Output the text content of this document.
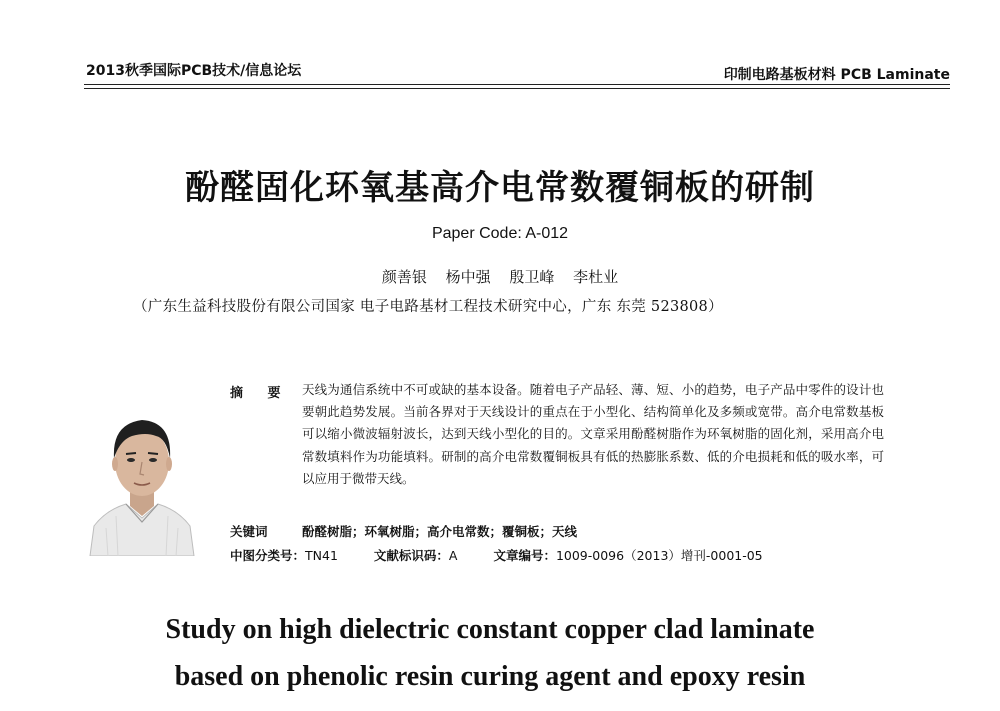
2013秋季国际PCB技术/信息论坛	印制电路基板材料 PCB Laminate
酚醛固化环氧基高介电常数覆铜板的研制
Paper Code: A-012
颜善银 杨中强 殷卫峰 李杜业
（广东生益科技股份有限公司国家 电子电路基材工程技术研究中心，广东 东莞 523808）
摘 要 天线为通信系统中不可或缺的基本设备。随着电子产品轻、薄、短、小的趋势，电子产品中零件的设计也要朝此趋势发展。当前各界对于天线设计的重点在于小型化、结构简单化及多频或宽带。高介电常数基板可以缩小微波辐射波长，达到天线小型化的目的。文章采用酚醛树脂作为环氧树脂的固化剂，采用高介电常数填料作为功能填料。研制的高介电常数覆铜板具有低的热膨胀系数、低的介电损耗和低的吸水率，可以应用于微带天线。
关键词	酚醛树脂；环氧树脂；高介电常数；覆铜板；天线
中图分类号：TN41	文献标识码：A	文章编号：1009-0096（2013）增刊-0001-05
Study on high dielectric constant copper clad laminate
based on phenolic resin curing agent and epoxy resin
